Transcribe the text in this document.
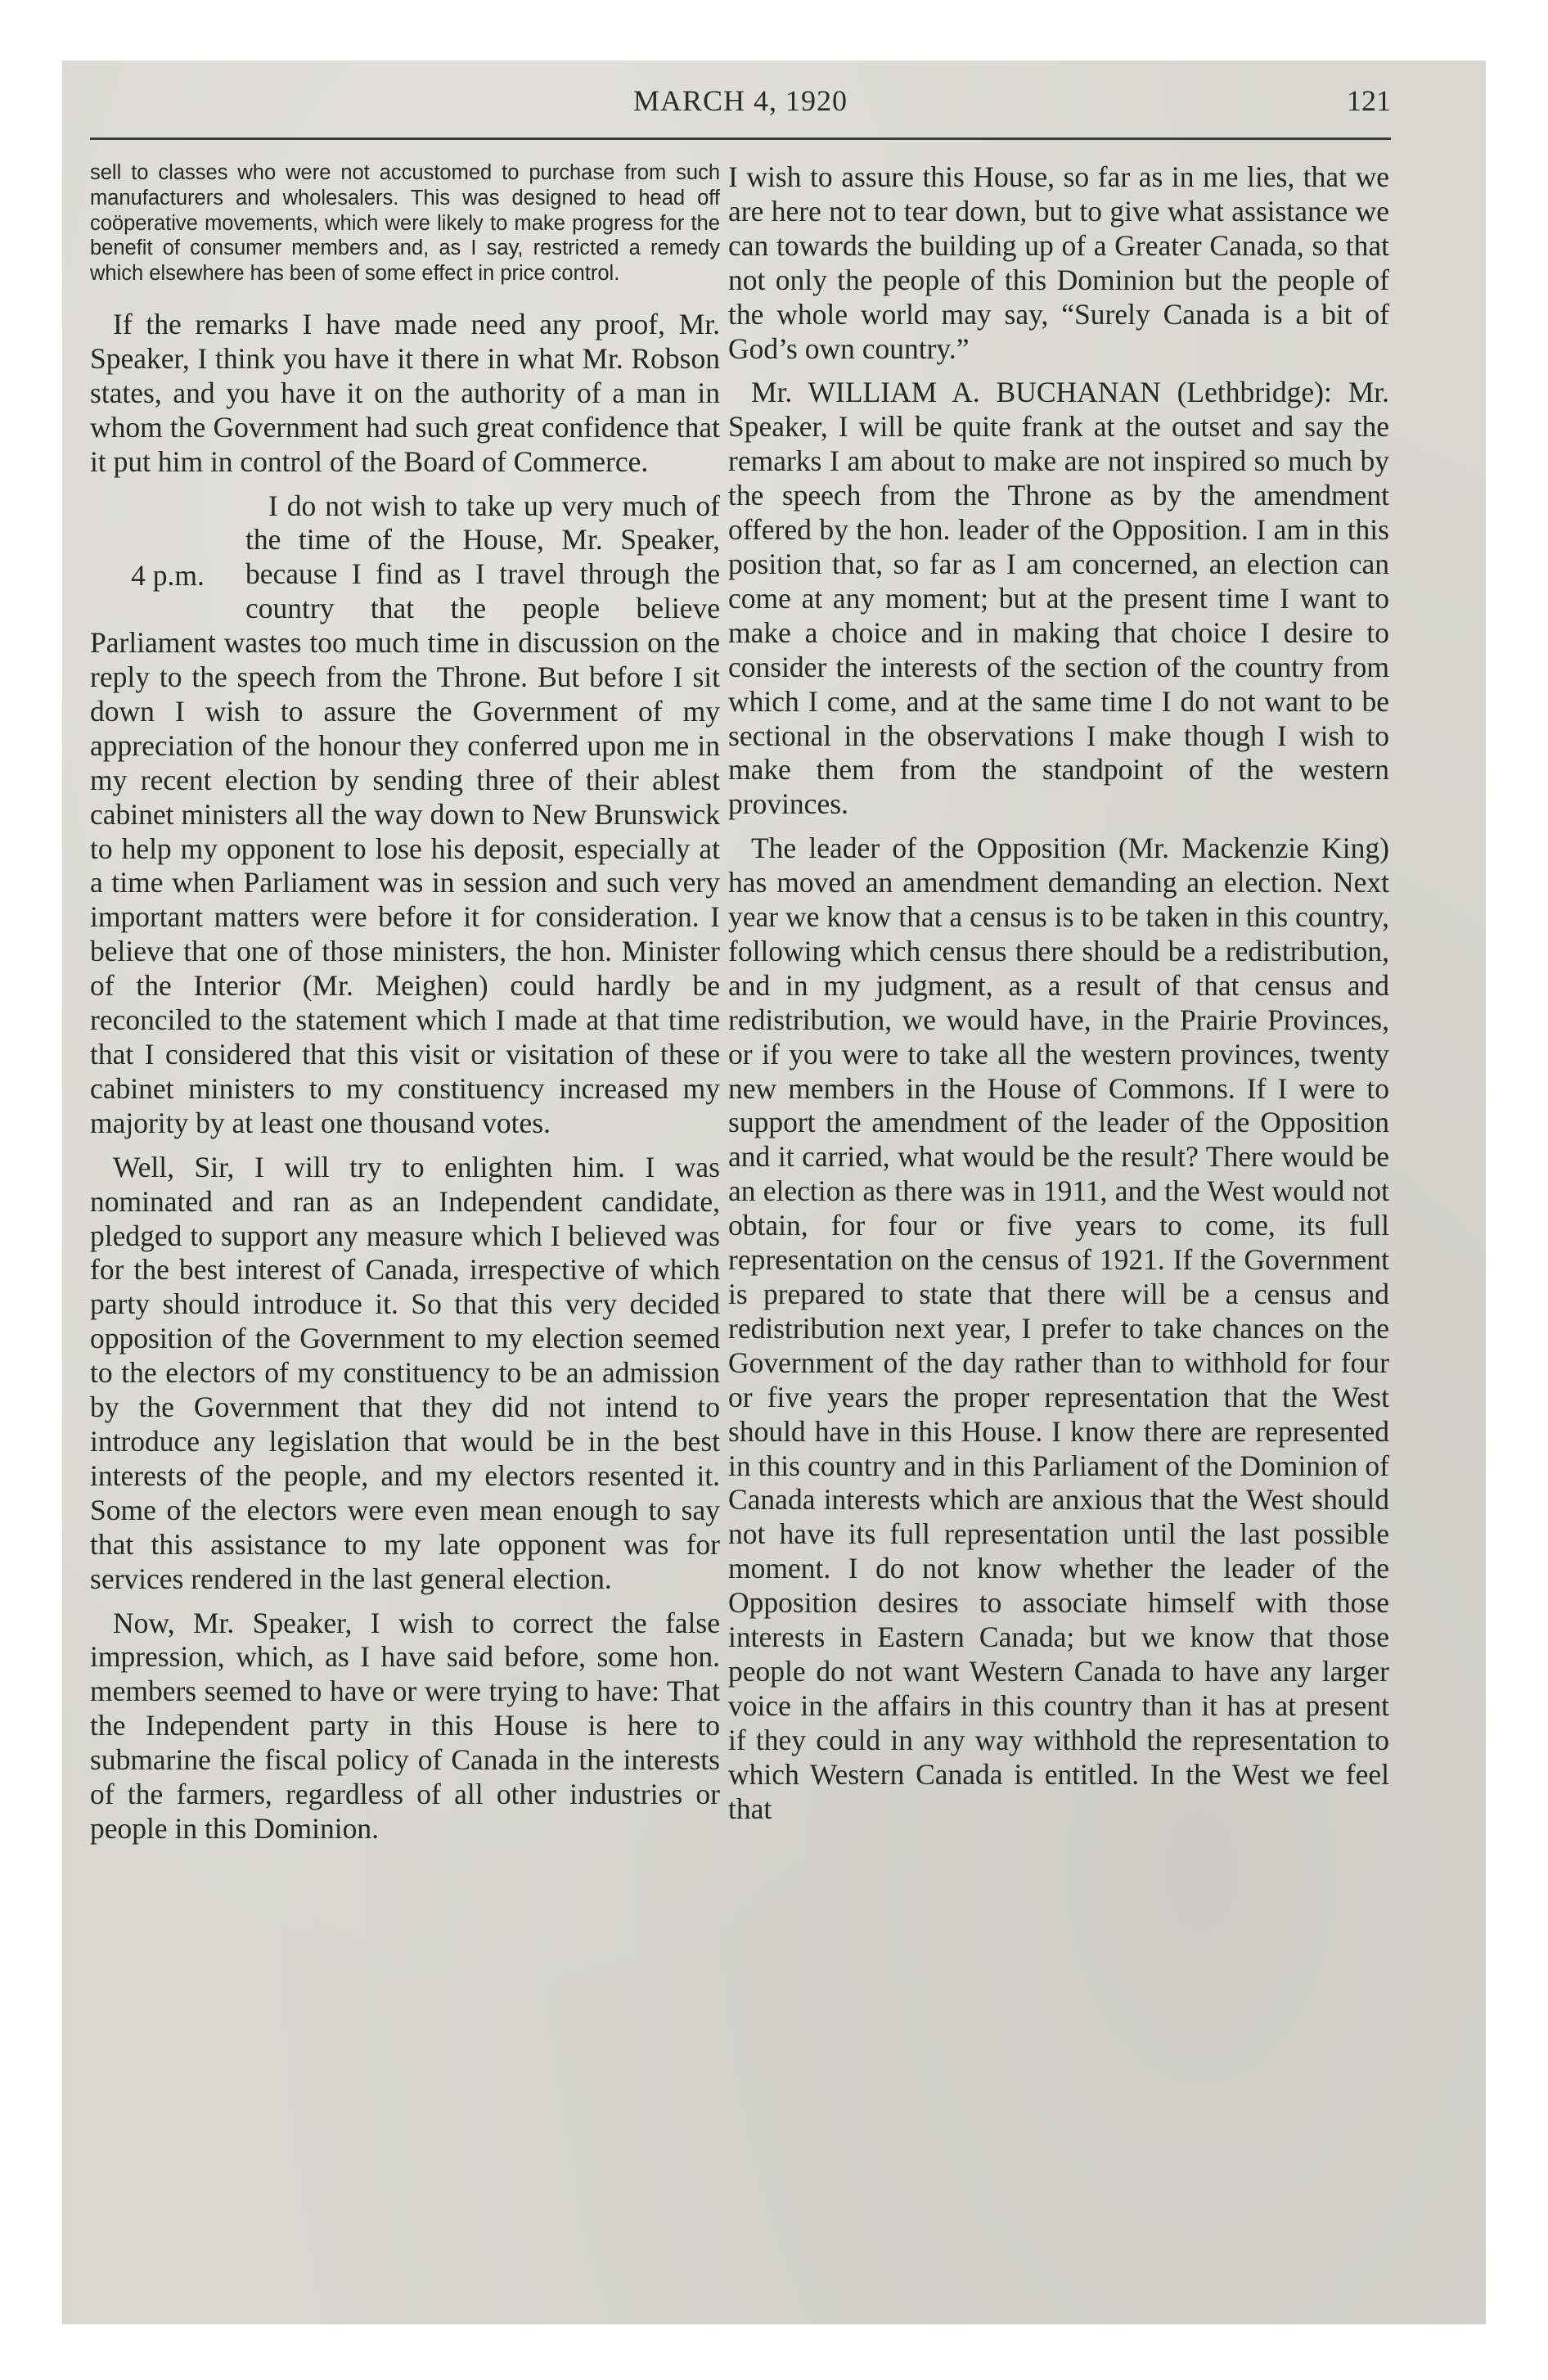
MARCH 4, 1920	121

sell to classes who were not accustomed to purchase from such manufacturers and wholesalers. This was designed to head off coöperative movements, which were likely to make progress for the benefit of consumer members and, as I say, restricted a remedy which elsewhere has been of some effect in price control.

If the remarks I have made need any proof, Mr. Speaker, I think you have it there in what Mr. Robson states, and you have it on the authority of a man in whom the Government had such great confidence that it put him in control of the Board of Commerce.

4 p.m.

I do not wish to take up very much of the time of the House, Mr. Speaker, because I find as I travel through the country that the people believe Parliament wastes too much time in discussion on the reply to the speech from the Throne. But before I sit down I wish to assure the Government of my appreciation of the honour they conferred upon me in my recent election by sending three of their ablest cabinet ministers all the way down to New Brunswick to help my opponent to lose his deposit, especially at a time when Parliament was in session and such very important matters were before it for consideration. I believe that one of those ministers, the hon. Minister of the Interior (Mr. Meighen) could hardly be reconciled to the statement which I made at that time that I considered that this visit or visitation of these cabinet ministers to my constituency increased my majority by at least one thousand votes.

Well, Sir, I will try to enlighten him. I was nominated and ran as an Independent candidate, pledged to support any measure which I believed was for the best interest of Canada, irrespective of which party should introduce it. So that this very decided opposition of the Government to my election seemed to the electors of my constituency to be an admission by the Government that they did not intend to introduce any legislation that would be in the best interests of the people, and my electors resented it. Some of the electors were even mean enough to say that this assistance to my late opponent was for services rendered in the last general election.

Now, Mr. Speaker, I wish to correct the false impression, which, as I have said before, some hon. members seemed to have or were trying to have: That the Independent party in this House is here to submarine the fiscal policy of Canada in the interests of the farmers, regardless of all other industries or people in this Dominion.

I wish to assure this House, so far as in me lies, that we are here not to tear down, but to give what assistance we can towards the building up of a Greater Canada, so that not only the people of this Dominion but the people of the whole world may say, “Surely Canada is a bit of God’s own country.”

Mr. WILLIAM A. BUCHANAN (Lethbridge): Mr. Speaker, I will be quite frank at the outset and say the remarks I am about to make are not inspired so much by the speech from the Throne as by the amendment offered by the hon. leader of the Opposition. I am in this position that, so far as I am concerned, an election can come at any moment; but at the present time I want to make a choice and in making that choice I desire to consider the interests of the section of the country from which I come, and at the same time I do not want to be sectional in the observations I make though I wish to make them from the standpoint of the western provinces.

The leader of the Opposition (Mr. Mackenzie King) has moved an amendment demanding an election. Next year we know that a census is to be taken in this country, following which census there should be a redistribution, and in my judgment, as a result of that census and redistribution, we would have, in the Prairie Provinces, or if you were to take all the western provinces, twenty new members in the House of Commons. If I were to support the amendment of the leader of the Opposition and it carried, what would be the result? There would be an election as there was in 1911, and the West would not obtain, for four or five years to come, its full representation on the census of 1921. If the Government is prepared to state that there will be a census and redistribution next year, I prefer to take chances on the Government of the day rather than to withhold for four or five years the proper representation that the West should have in this House. I know there are represented in this country and in this Parliament of the Dominion of Canada interests which are anxious that the West should not have its full representation until the last possible moment. I do not know whether the leader of the Opposition desires to associate himself with those interests in Eastern Canada; but we know that those people do not want Western Canada to have any larger voice in the affairs in this country than it has at present if they could in any way withhold the representation to which Western Canada is entitled. In the West we feel that
